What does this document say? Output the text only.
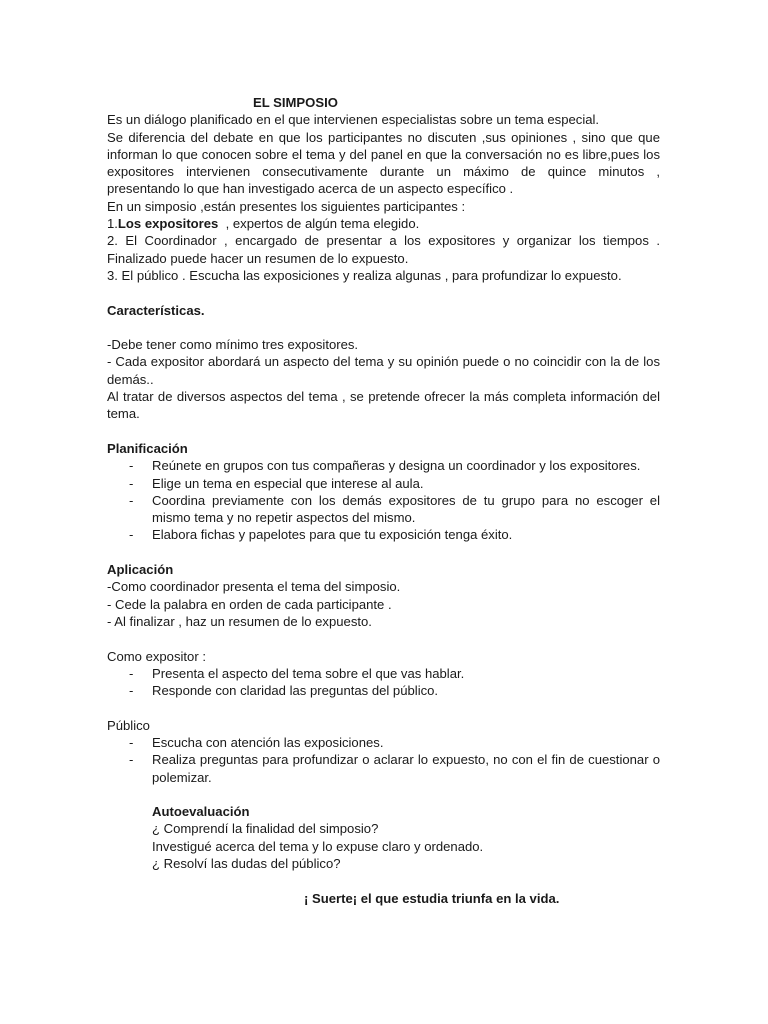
EL SIMPOSIO
Es un diálogo planificado en el que intervienen especialistas sobre un tema especial.
Se diferencia del debate en que los participantes no discuten ,sus opiniones , sino que que informan lo que conocen sobre el tema y del panel en que la conversación no es libre,pues los expositores intervienen consecutivamente durante un máximo de quince minutos , presentando lo que han investigado acerca de un aspecto específico .
En un simposio ,están presentes los siguientes participantes :
1.Los expositores  , expertos de algún tema elegido.
2. El Coordinador , encargado de presentar a los expositores y organizar los tiempos . Finalizado puede hacer un resumen de lo expuesto.
3. El público . Escucha las exposiciones y realiza algunas , para profundizar lo expuesto.
Características.
-Debe tener como mínimo tres expositores.
- Cada expositor abordará un aspecto del tema y su opinión puede o no coincidir con la de los demás..
Al tratar de diversos aspectos del tema , se pretende ofrecer la más completa información del tema.
Planificación
- Reúnete en grupos con tus compañeras y designa un coordinador y los expositores.
- Elige un tema en especial que interese al aula.
- Coordina previamente con los demás expositores de tu grupo para no escoger el mismo tema y no repetir aspectos del mismo.
- Elabora fichas y papelotes para que tu exposición tenga éxito.
Aplicación
-Como coordinador presenta el tema del simposio.
- Cede la palabra en orden de cada participante .
- Al finalizar , haz un resumen de lo expuesto.
Como expositor :
- Presenta el aspecto del tema sobre el que vas hablar.
- Responde con claridad las preguntas del público.
Público
- Escucha con atención las exposiciones.
- Realiza preguntas para profundizar o aclarar lo expuesto, no con el fin de cuestionar o polemizar.
Autoevaluación
¿ Comprendí la finalidad del simposio?
Investigué acerca del tema y lo expuse claro y ordenado.
¿ Resolví las dudas del público?
¡ Suerte¡ el que estudia triunfa en la vida.
